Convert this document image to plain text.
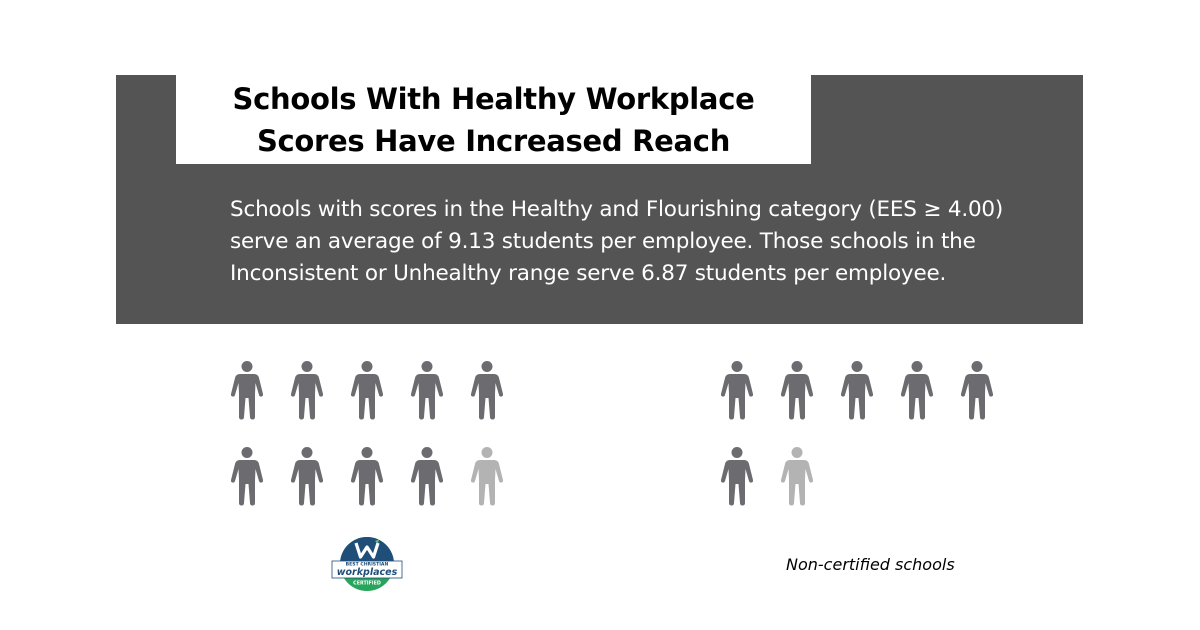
Schools With Healthy Workplace
Scores Have Increased Reach
Schools with scores in the Healthy and Flourishing category (EES ≥ 4.00)
serve an average of 9.13 students per employee. Those schools in the
Inconsistent or Unhealthy range serve 6.87 students per employee.
BEST CHRISTIAN
workplaces
CERTIFIED
Non-certified schools
